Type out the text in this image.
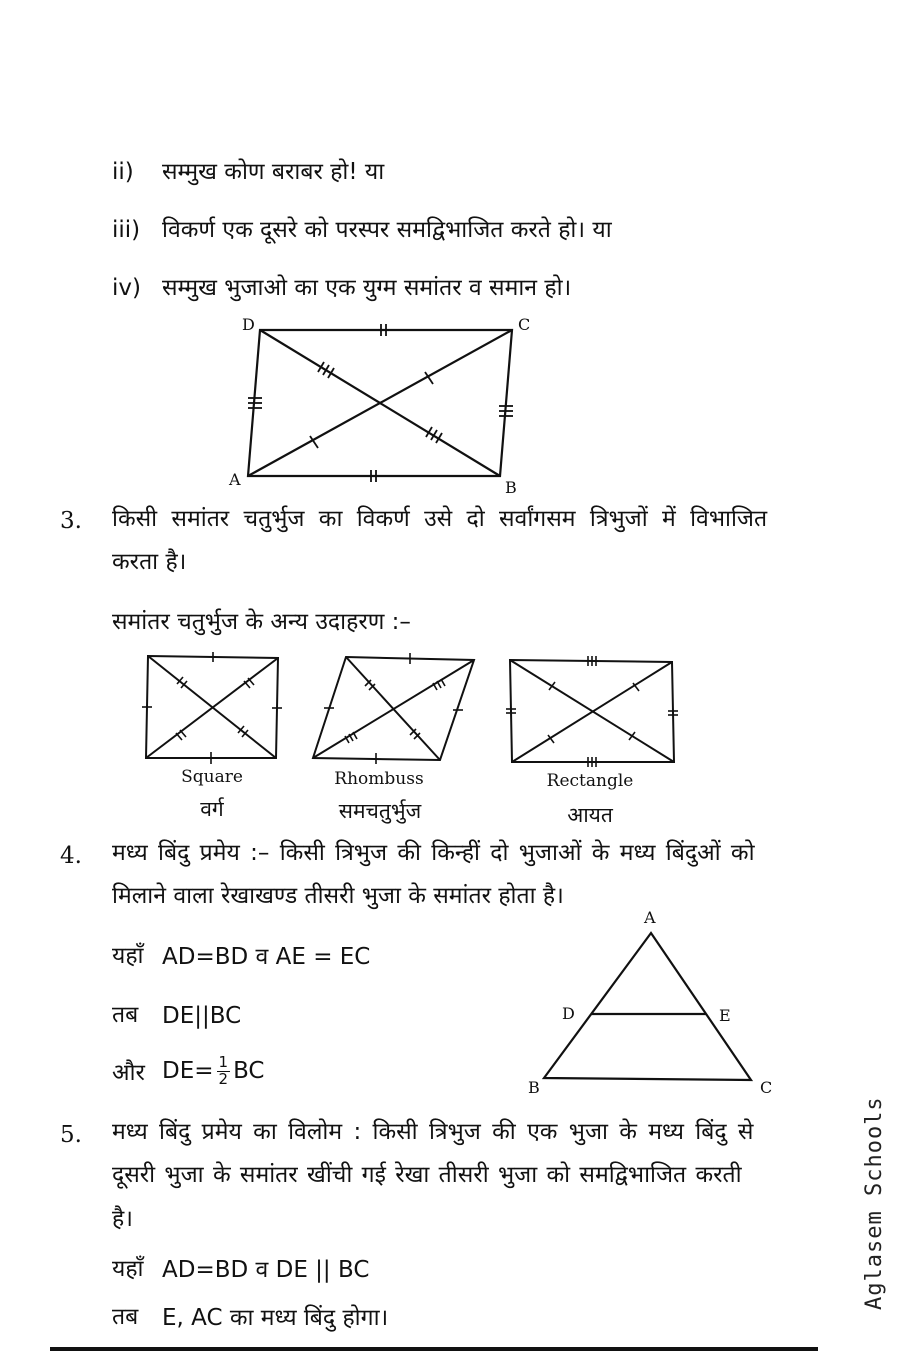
ii) सम्मुख कोण बराबर हो! या
iii) विकर्ण एक दूसरे को परस्पर समद्विभाजित करते हो। या
iv) सम्मुख भुजाओ का एक युग्म समांतर व समान हो।
D	C
A	B
3. किसी समांतर चतुर्भुज का विकर्ण उसे दो सर्वांगसम त्रिभुजों में विभाजित
करता है।
समांतर चतुर्भुज के अन्य उदाहरण :–
Square
वर्ग
Rhombuss
समचतुर्भुज
Rectangle
आयत
4. मध्य बिंदु प्रमेय :– किसी त्रिभुज की किन्हीं दो भुजाओं के मध्य बिंदुओं को
मिलाने वाला रेखाखण्ड तीसरी भुजा के समांतर होता है।
यहाँ AD=BD व AE = EC
तब DE||BC
और $DE= \frac{1}{2}$ BC
A
D	E
B	C
5. मध्य बिंदु प्रमेय का विलोम : किसी त्रिभुज की एक भुजा के मध्य बिंदु से
दूसरी भुजा के समांतर खींची गई रेखा तीसरी भुजा को समद्विभाजित करती
है।
यहाँ AD=BD व DE || BC
तब E, AC का मध्य बिंदु होगा।
Aglasem Schools
